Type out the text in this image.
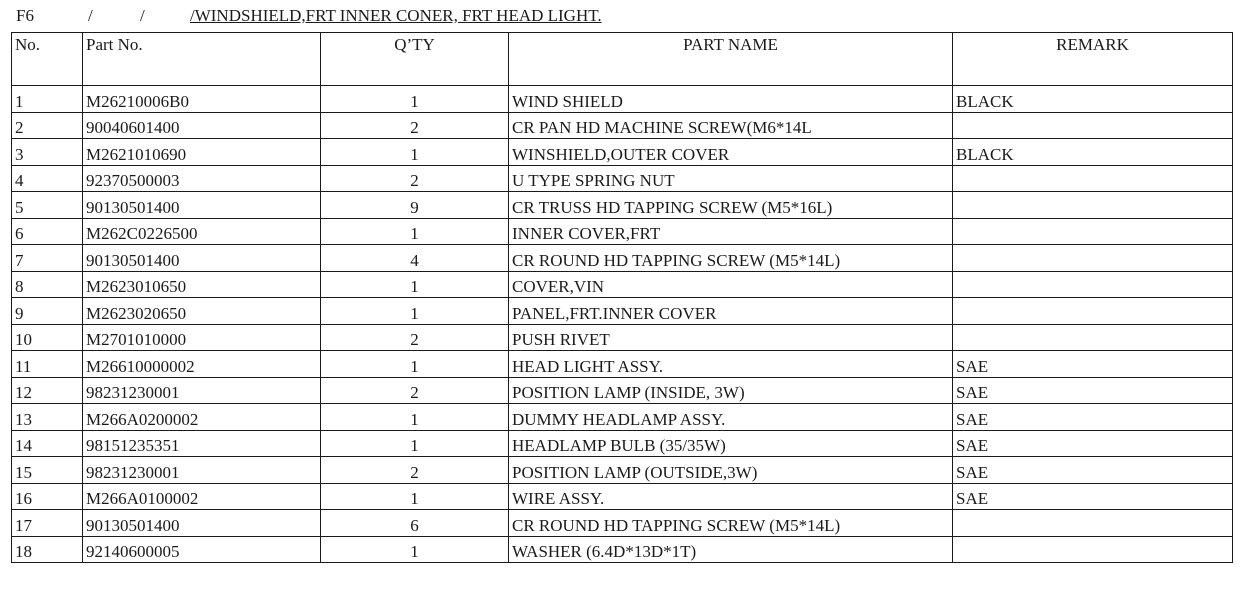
F6	/	/	/WINDSHIELD,FRT INNER CONER, FRT HEAD LIGHT.
No.	Part No.	Q’TY	PART NAME	REMARK
1	M26210006B0	1	WIND SHIELD	BLACK
2	90040601400	2	CR PAN HD MACHINE SCREW(M6*14L	
3	M2621010690	1	WINSHIELD,OUTER COVER	BLACK
4	92370500003	2	U TYPE SPRING NUT	
5	90130501400	9	CR TRUSS HD TAPPING SCREW (M5*16L)	
6	M262C0226500	1	INNER COVER,FRT	
7	90130501400	4	CR ROUND HD TAPPING SCREW (M5*14L)	
8	M2623010650	1	COVER,VIN	
9	M2623020650	1	PANEL,FRT.INNER COVER	
10	M2701010000	2	PUSH RIVET	
11	M26610000002	1	HEAD LIGHT ASSY.	SAE
12	98231230001	2	POSITION LAMP (INSIDE, 3W)	SAE
13	M266A0200002	1	DUMMY HEADLAMP ASSY.	SAE
14	98151235351	1	HEADLAMP BULB (35/35W)	SAE
15	98231230001	2	POSITION LAMP (OUTSIDE,3W)	SAE
16	M266A0100002	1	WIRE ASSY.	SAE
17	90130501400	6	CR ROUND HD TAPPING SCREW (M5*14L)	
18	92140600005	1	WASHER (6.4D*13D*1T)	
